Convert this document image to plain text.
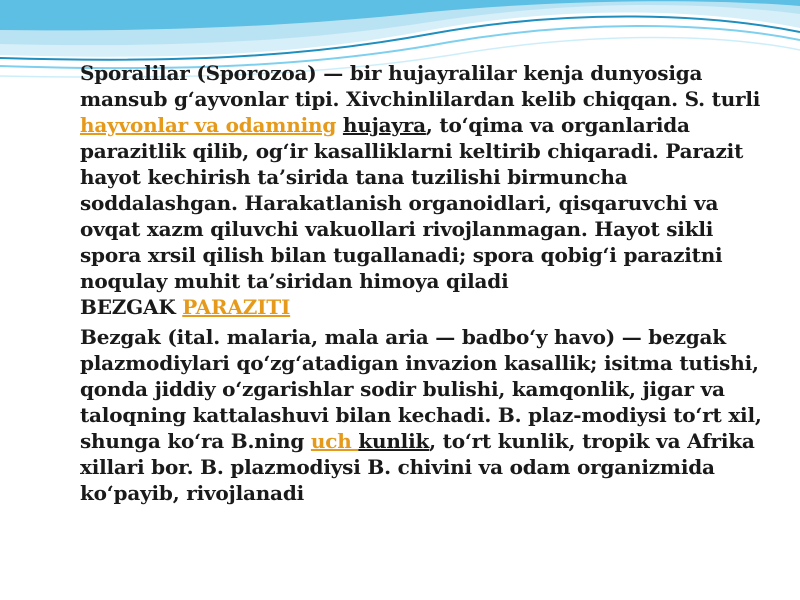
Sporalilar (Sporozoa) — bir hujayralilar kenja dunyosiga mansub g‘ayvonlar tipi. Xivchinlilardan kelib chiqqan. S. turli hayvonlar va odamning hujayra, to‘qima va organlarida parazitlik qilib, og‘ir kasalliklarni keltirib chiqaradi. Parazit hayot kechirish ta’sirida tana tuzilishi birmuncha soddalashgan. Harakatlanish organoidlari, qisqaruvchi va ovqat xazm qiluvchi vakuollari rivojlanmagan. Hayot sikli spora xrsil qilish bilan tugallanadi; spora qobig‘i parazitni noqulay muhit ta’siridan himoya qiladi

BEZGAK PARAZITI

Bezgak (ital. malaria, mala aria — badbo‘y havo) — bezgak plazmodiylari qo‘zg‘atadigan invazion kasallik; isitma tutishi, qonda jiddiy o‘zgarishlar sodir bulishi, kamqonlik, jigar va taloqning kattalashuvi bilan kechadi. B. plaz-modiysi to‘rt xil, shunga ko‘ra B.ning uch kunlik, to‘rt kunlik, tropik va Afrika xillari bor. B. plazmodiysi B. chivini va odam organizmida ko‘payib, rivojlanadi
